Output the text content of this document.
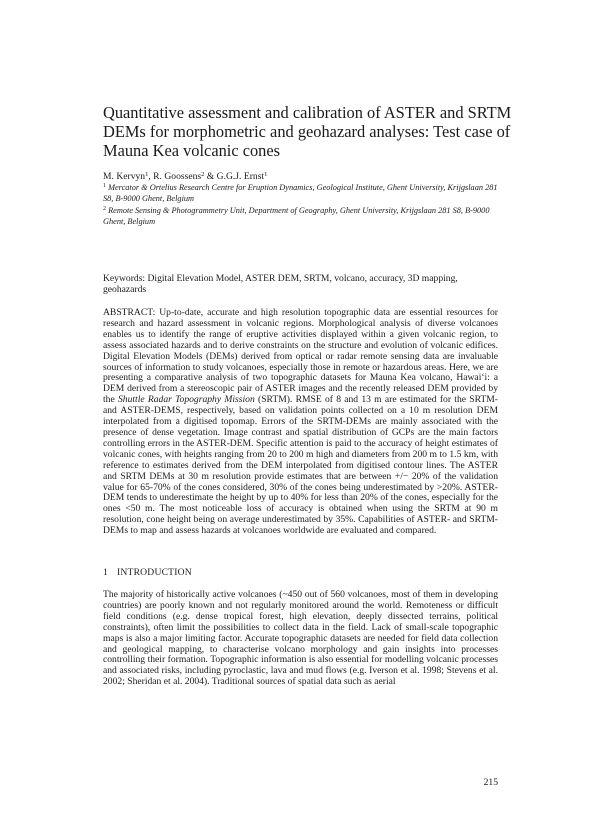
Quantitative assessment and calibration of ASTER and SRTM DEMs for morphometric and geohazard analyses: Test case of Mauna Kea volcanic cones
M. Kervyn$^1$, R. Goossens$^2$ & G.G.J. Ernst$^1$
$^1$ Mercator & Ortelius Research Centre for Eruption Dynamics, Geological Institute, Ghent University, Krijgslaan 281 S8, B-9000 Ghent, Belgium
$^2$ Remote Sensing & Photogrammetry Unit, Department of Geography, Ghent University, Krijgslaan 281 S8, B-9000 Ghent, Belgium
Keywords: Digital Elevation Model, ASTER DEM, SRTM, volcano, accuracy, 3D mapping, geohazards

ABSTRACT: Up-to-date, accurate and high resolution topographic data are essential resources for research and hazard assessment in volcanic regions. Morphological analysis of diverse volcanoes enables us to identify the range of eruptive activities displayed within a given volcanic region, to assess associated hazards and to derive constraints on the structure and evolution of volcanic edifices. Digital Elevation Models (DEMs) derived from optical or radar remote sensing data are invaluable sources of information to study volcanoes, especially those in remote or hazardous areas. Here, we are presenting a comparative analysis of two topographic datasets for Mauna Kea volcano, Hawai‘i: a DEM derived from a stereoscopic pair of ASTER images and the recently released DEM provided by the Shuttle Radar Topography Mission (SRTM). RMSE of 8 and 13 m are estimated for the SRTM- and ASTER-DEMS, respectively, based on validation points collected on a 10 m resolution DEM interpolated from a digitised topomap. Errors of the SRTM-DEMs are mainly associated with the presence of dense vegetation. Image contrast and spatial distribution of GCPs are the main factors controlling errors in the ASTER-DEM. Specific attention is paid to the accuracy of height estimates of volcanic cones, with heights ranging from 20 to 200 m high and diameters from 200 m to 1.5 km, with reference to estimates derived from the DEM interpolated from digitised contour lines. The ASTER and SRTM DEMs at 30 m resolution provide estimates that are between +/− 20% of the validation value for 65-70% of the cones considered, 30% of the cones being underestimated by >20%. ASTER-DEM tends to underestimate the height by up to 40% for less than 20% of the cones, especially for the ones <50 m. The most noticeable loss of accuracy is obtained when using the SRTM at 90 m resolution, cone height being on average underestimated by 35%. Capabilities of ASTER- and SRTM-DEMs to map and assess hazards at volcanoes worldwide are evaluated and compared.

1 INTRODUCTION

The majority of historically active volcanoes (~450 out of 560 volcanoes, most of them in developing countries) are poorly known and not regularly monitored around the world. Remoteness or difficult field conditions (e.g. dense tropical forest, high elevation, deeply dissected terrains, political constraints), often limit the possibilities to collect data in the field. Lack of small-scale topographic maps is also a major limiting factor. Accurate topographic datasets are needed for field data collection and geological mapping, to characterise volcano morphology and gain insights into processes controlling their formation. Topographic information is also essential for modelling volcanic processes and associated risks, including pyroclastic, lava and mud flows (e.g. Iverson et al. 1998; Stevens et al. 2002; Sheridan et al. 2004). Traditional sources of spatial data such as aerial

215
